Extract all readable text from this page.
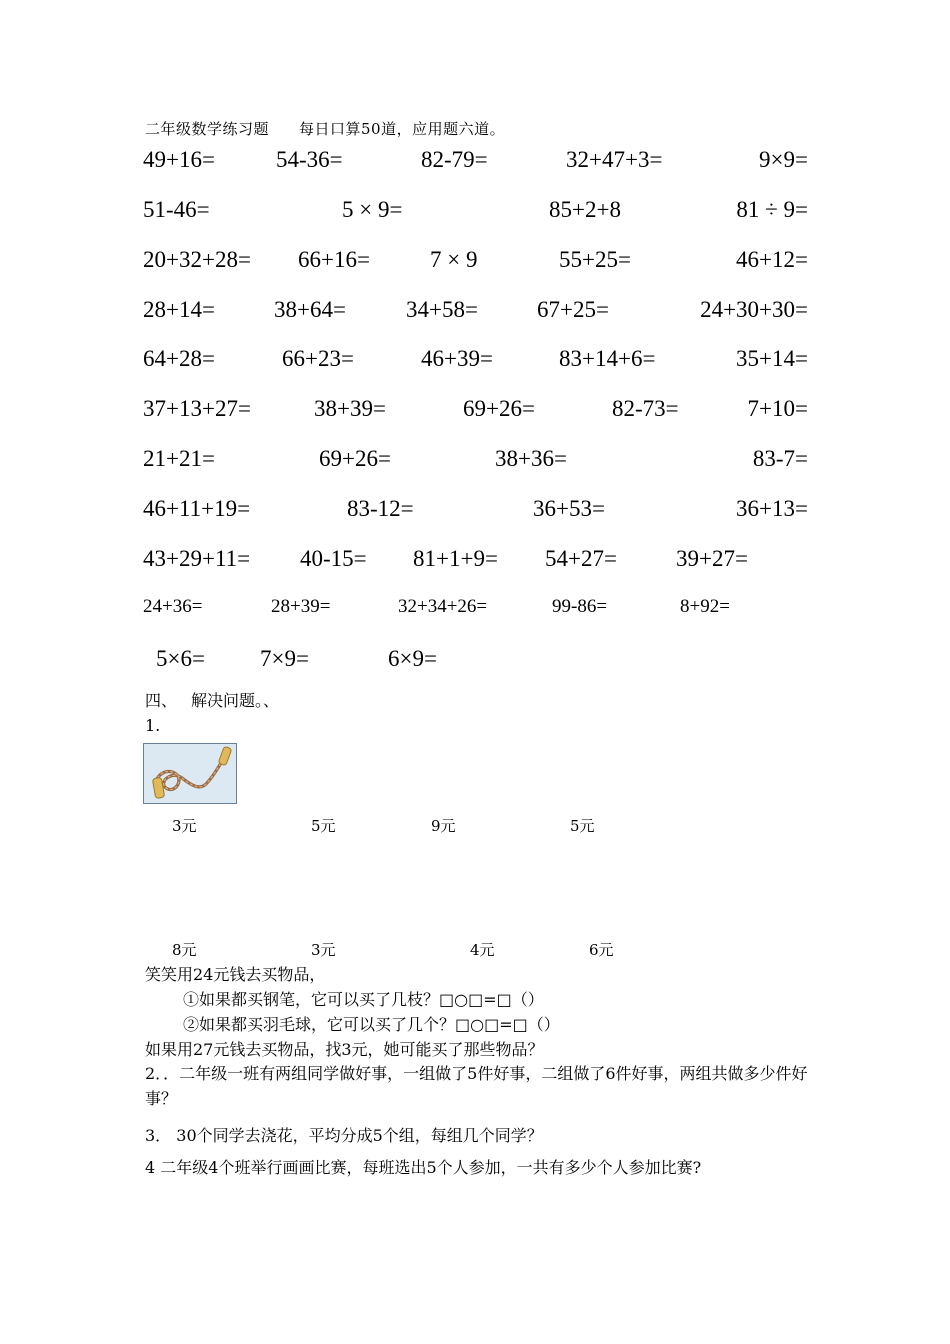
二年级数学练习题 每日口算50道，应用题六道。
49+16=	54-36=	82-79=	32+47+3=	9×9=
51-46=	5 × 9=	85+2+8	81 ÷ 9=
20+32+28= 66+16=	7 × 9	55+25=	46+12=
28+14=	38+64=	34+58=	67+25=	24+30+30=
64+28=	66+23=	46+39=	83+14+6=	35+14=
37+13+27=	38+39=	69+26=	82-73=	7+10=
21+21=	69+26=	38+36=	83-7=
46+11+19=	83-12=	36+53=	36+13=
43+29+11= 40-15= 81+1+9= 54+27=	39+27=
24+36=	28+39=	32+34+26=	99-86=	8+92=
5×6= 7×9=	6×9=
四、 解决问题。、
1.
3元	5元	9元	5元
8元	3元	4元	6元
笑笑用24元钱去买物品，
①如果都买钢笔，它可以买了几枝？□○□=□（）
②如果都买羽毛球，它可以买了几个？□○□=□（）
如果用27元钱去买物品，找3元，她可能买了那些物品？
2．．二年级一班有两组同学做好事，一组做了5件好事，二组做了6件好事，两组共做多少件好事？
3． 30个同学去浇花，平均分成5个组，每组几个同学？
4 二年级4个班举行画画比赛，每班选出5个人参加，一共有多少个人参加比赛?
